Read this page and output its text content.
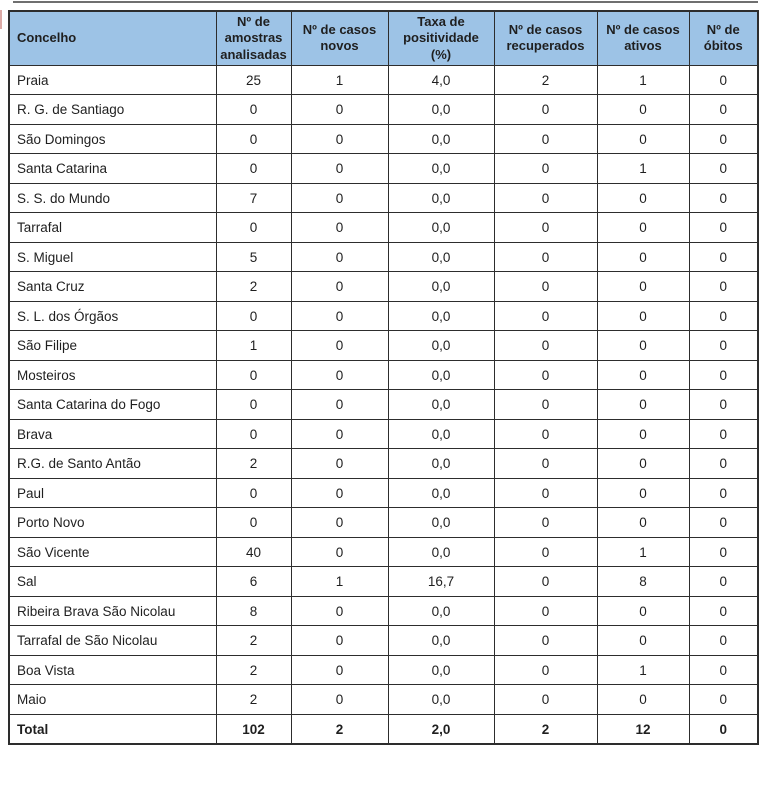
Concelho	Nº de amostras analisadas	Nº de casos novos	Taxa de positividade (%)	Nº de casos recuperados	Nº de casos ativos	Nº de óbitos
Praia	25	1	4,0	2	1	0
R. G. de Santiago	0	0	0,0	0	0	0
São Domingos	0	0	0,0	0	0	0
Santa Catarina	0	0	0,0	0	1	0
S. S. do Mundo	7	0	0,0	0	0	0
Tarrafal	0	0	0,0	0	0	0
S. Miguel	5	0	0,0	0	0	0
Santa Cruz	2	0	0,0	0	0	0
S. L. dos Órgãos	0	0	0,0	0	0	0
São Filipe	1	0	0,0	0	0	0
Mosteiros	0	0	0,0	0	0	0
Santa Catarina do Fogo	0	0	0,0	0	0	0
Brava	0	0	0,0	0	0	0
R.G. de Santo Antão	2	0	0,0	0	0	0
Paul	0	0	0,0	0	0	0
Porto Novo	0	0	0,0	0	0	0
São Vicente	40	0	0,0	0	1	0
Sal	6	1	16,7	0	8	0
Ribeira Brava São Nicolau	8	0	0,0	0	0	0
Tarrafal de São Nicolau	2	0	0,0	0	0	0
Boa Vista	2	0	0,0	0	1	0
Maio	2	0	0,0	0	0	0
Total	102	2	2,0	2	12	0
